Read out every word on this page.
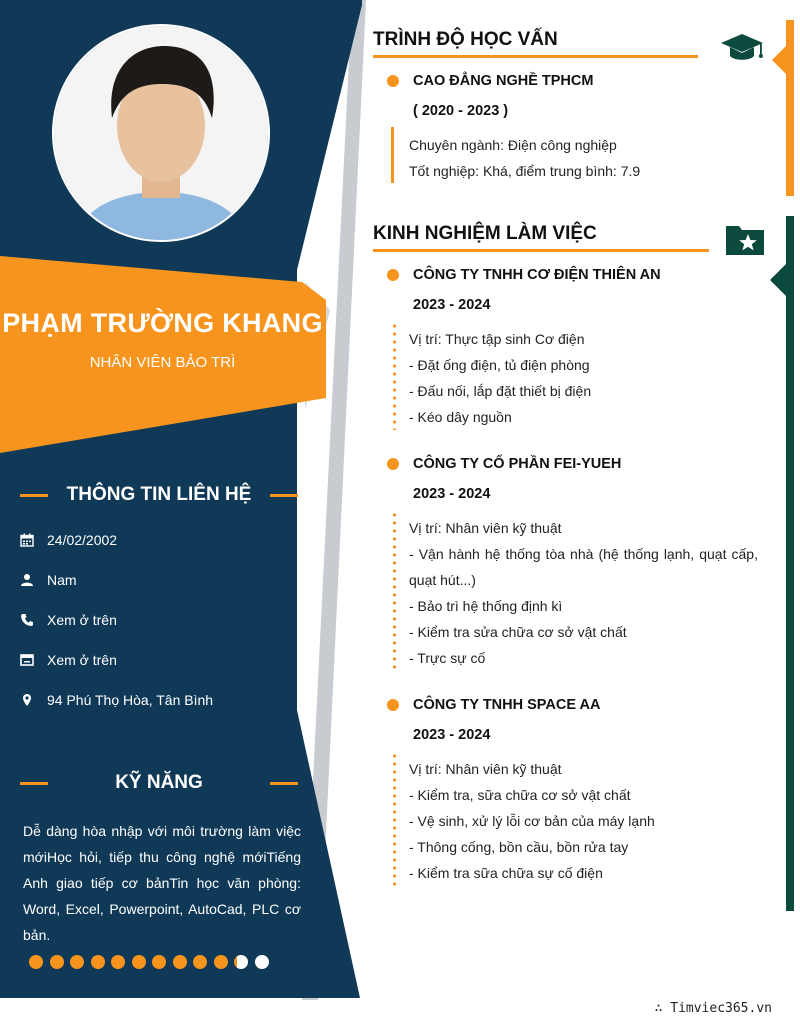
PHẠM TRƯỜNG KHANG
NHÂN VIÊN BẢO TRÌ
THÔNG TIN LIÊN HỆ
24/02/2002
Nam
Xem ở trên
Xem ở trên
94 Phú Thọ Hòa, Tân Bình
KỸ NĂNG
Dễ dàng hòa nhập với môi trường làm việc mớiHọc hỏi, tiếp thu công nghệ mớiTiếng Anh giao tiếp cơ bảnTin học văn phòng: Word, Excel, Powerpoint, AutoCad, PLC cơ bản.
TRÌNH ĐỘ HỌC VẤN
CAO ĐẲNG NGHỀ TPHCM
( 2020 - 2023 )
Chuyên ngành: Điện công nghiệp
Tốt nghiệp: Khá, điểm trung bình: 7.9
KINH NGHIỆM LÀM VIỆC
CÔNG TY TNHH CƠ ĐIỆN THIÊN AN
2023 - 2024
Vị trí: Thực tập sinh Cơ điện
- Đặt ống điện, tủ điện phòng
- Đấu nối, lắp đặt thiết bị điện
- Kéo dây nguồn
CÔNG TY CỔ PHẦN FEI-YUEH
2023 - 2024
Vị trí: Nhân viên kỹ thuật
- Vận hành hệ thống tòa nhà (hệ thống lạnh, quạt cấp,
quạt hút...)
- Bảo trì hệ thống định kì
- Kiểm tra sửa chữa cơ sở vật chất
- Trực sự cố
CÔNG TY TNHH SPACE AA
2023 - 2024
Vị trí: Nhân viên kỹ thuật
- Kiểm tra, sữa chữa cơ sở vật chất
- Vệ sinh, xử lý lỗi cơ bản của máy lạnh
- Thông cống, bồn cầu, bồn rửa tay
- Kiểm tra sữa chữa sự cố điện
∴ Timviec365.vn
